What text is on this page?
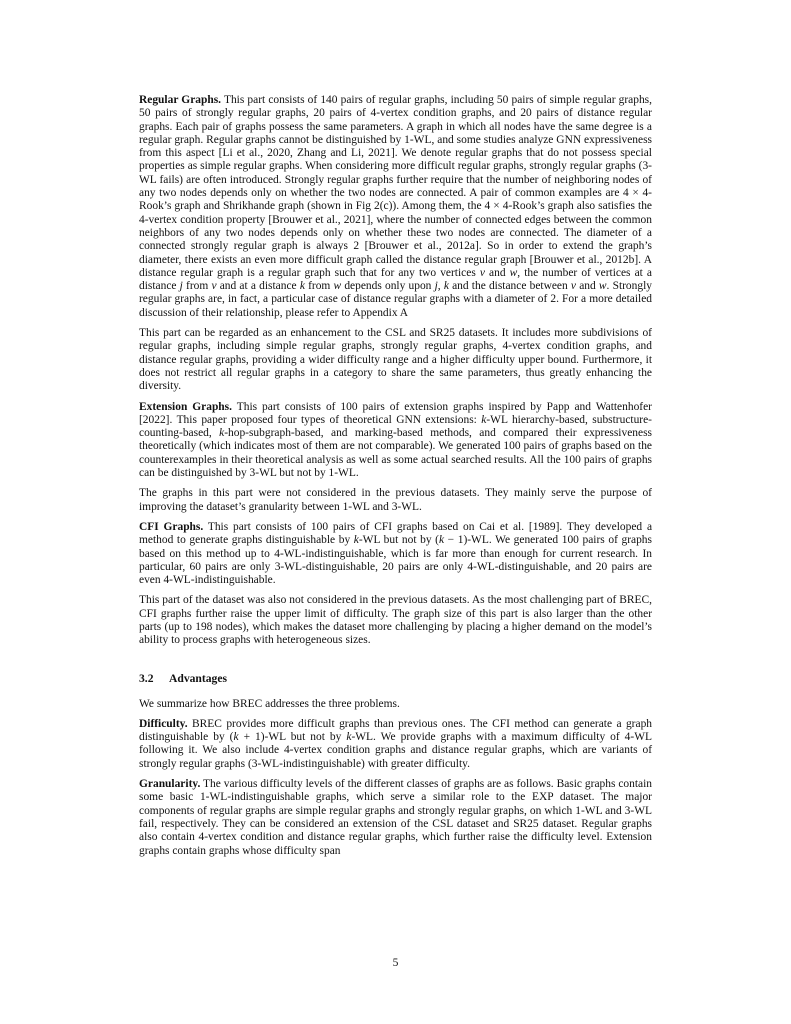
Regular Graphs. This part consists of 140 pairs of regular graphs, including 50 pairs of simple regular graphs, 50 pairs of strongly regular graphs, 20 pairs of 4-vertex condition graphs, and 20 pairs of distance regular graphs. Each pair of graphs possess the same parameters. A graph in which all nodes have the same degree is a regular graph. Regular graphs cannot be distinguished by 1-WL, and some studies analyze GNN expressiveness from this aspect [Li et al., 2020, Zhang and Li, 2021]. We denote regular graphs that do not possess special properties as simple regular graphs. When considering more difficult regular graphs, strongly regular graphs (3-WL fails) are often introduced. Strongly regular graphs further require that the number of neighboring nodes of any two nodes depends only on whether the two nodes are connected. A pair of common examples are 4 × 4-Rook’s graph and Shrikhande graph (shown in Fig 2(c)). Among them, the 4 × 4-Rook’s graph also satisfies the 4-vertex condition property [Brouwer et al., 2021], where the number of connected edges between the common neighbors of any two nodes depends only on whether these two nodes are connected. The diameter of a connected strongly regular graph is always 2 [Brouwer et al., 2012a]. So in order to extend the graph’s diameter, there exists an even more difficult graph called the distance regular graph [Brouwer et al., 2012b]. A distance regular graph is a regular graph such that for any two vertices v and w, the number of vertices at a distance j from v and at a distance k from w depends only upon j, k and the distance between v and w. Strongly regular graphs are, in fact, a particular case of distance regular graphs with a diameter of 2. For a more detailed discussion of their relationship, please refer to Appendix A

This part can be regarded as an enhancement to the CSL and SR25 datasets. It includes more subdivisions of regular graphs, including simple regular graphs, strongly regular graphs, 4-vertex condition graphs, and distance regular graphs, providing a wider difficulty range and a higher difficulty upper bound. Furthermore, it does not restrict all regular graphs in a category to share the same parameters, thus greatly enhancing the diversity.

Extension Graphs. This part consists of 100 pairs of extension graphs inspired by Papp and Wattenhofer [2022]. This paper proposed four types of theoretical GNN extensions: k-WL hierarchy-based, substructure-counting-based, k-hop-subgraph-based, and marking-based methods, and compared their expressiveness theoretically (which indicates most of them are not comparable). We generated 100 pairs of graphs based on the counterexamples in their theoretical analysis as well as some actual searched results. All the 100 pairs of graphs can be distinguished by 3-WL but not by 1-WL.

The graphs in this part were not considered in the previous datasets. They mainly serve the purpose of improving the dataset’s granularity between 1-WL and 3-WL.

CFI Graphs. This part consists of 100 pairs of CFI graphs based on Cai et al. [1989]. They developed a method to generate graphs distinguishable by k-WL but not by (k − 1)-WL. We generated 100 pairs of graphs based on this method up to 4-WL-indistinguishable, which is far more than enough for current research. In particular, 60 pairs are only 3-WL-distinguishable, 20 pairs are only 4-WL-distinguishable, and 20 pairs are even 4-WL-indistinguishable.

This part of the dataset was also not considered in the previous datasets. As the most challenging part of BREC, CFI graphs further raise the upper limit of difficulty. The graph size of this part is also larger than the other parts (up to 198 nodes), which makes the dataset more challenging by placing a higher demand on the model’s ability to process graphs with heterogeneous sizes.

3.2 Advantages

We summarize how BREC addresses the three problems.

Difficulty. BREC provides more difficult graphs than previous ones. The CFI method can generate a graph distinguishable by (k + 1)-WL but not by k-WL. We provide graphs with a maximum difficulty of 4-WL following it. We also include 4-vertex condition graphs and distance regular graphs, which are variants of strongly regular graphs (3-WL-indistinguishable) with greater difficulty.

Granularity. The various difficulty levels of the different classes of graphs are as follows. Basic graphs contain some basic 1-WL-indistinguishable graphs, which serve a similar role to the EXP dataset. The major components of regular graphs are simple regular graphs and strongly regular graphs, on which 1-WL and 3-WL fail, respectively. They can be considered an extension of the CSL dataset and SR25 dataset. Regular graphs also contain 4-vertex condition and distance regular graphs, which further raise the difficulty level. Extension graphs contain graphs whose difficulty span

5
